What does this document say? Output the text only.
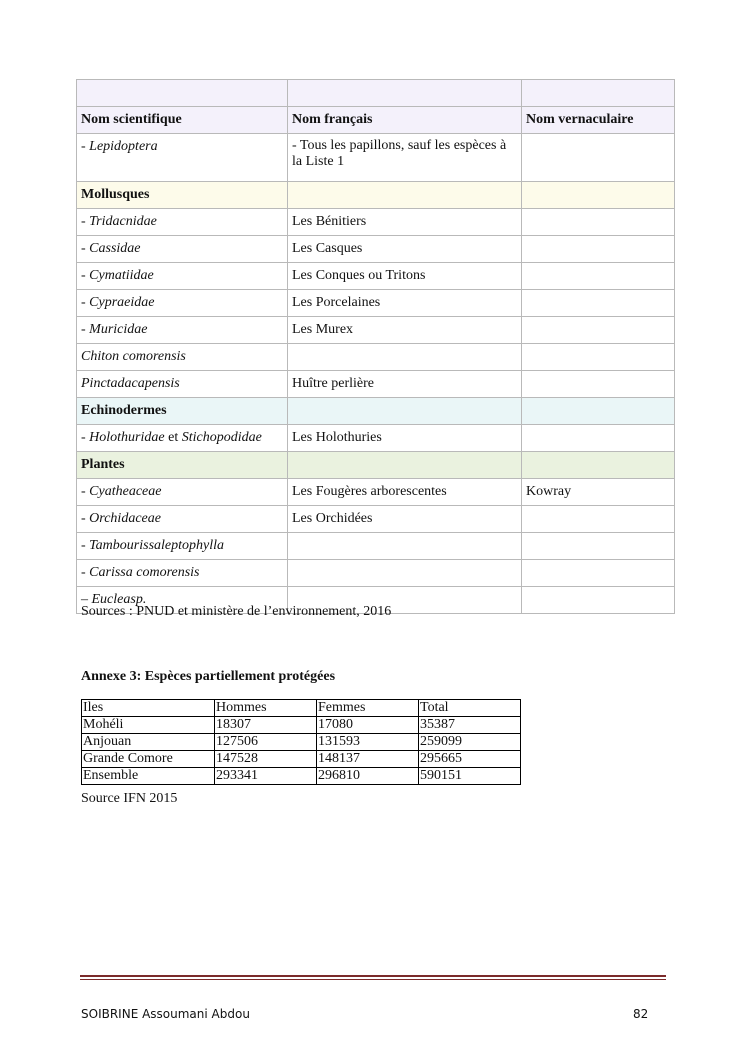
Nom scientifique	Nom français	Nom vernaculaire
- Lepidoptera	- Tous les papillons, sauf les espèces à la Liste 1	
Mollusques		
- Tridacnidae	Les Bénitiers	
- Cassidae	Les Casques	
- Cymatiidae	Les Conques ou Tritons	
- Cypraeidae	Les Porcelaines	
- Muricidae	Les Murex	
Chiton comorensis		
Pinctadacapensis	Huître perlière	
Echinodermes		
- Holothuridae et Stichopodidae	Les Holothuries	
Plantes		
- Cyatheaceae	Les Fougères arborescentes	Kowray
- Orchidaceae	Les Orchidées	
- Tambourissaleptophylla		
- Carissa comorensis		
– Eucleasp.		
Sources : PNUD et ministère de l’environnement, 2016
Annexe 3: Espèces partiellement protégées
Iles	Hommes	Femmes	Total
Mohéli	18307	17080	35387
Anjouan	127506	131593	259099
Grande Comore	147528	148137	295665
Ensemble	293341	296810	590151
Source IFN 2015
SOIBRINE Assoumani Abdou	82
